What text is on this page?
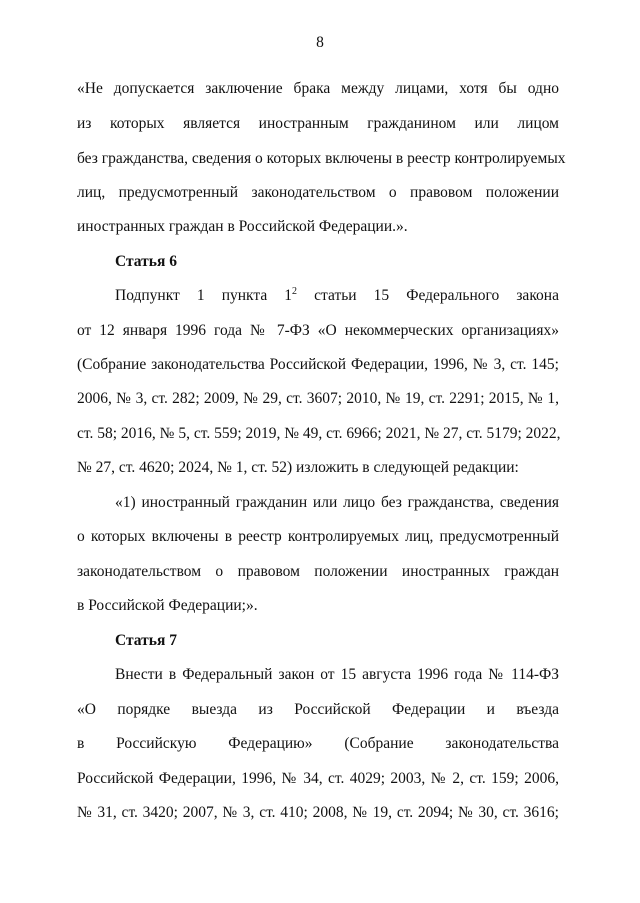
8
«Не допускается заключение брака между лицами, хотя бы одно
из которых является иностранным гражданином или лицом
без гражданства, сведения о которых включены в реестр контролируемых
лиц, предусмотренный законодательством о правовом положении
иностранных граждан в Российской Федерации.».
Статья 6
Подпункт 1 пункта $1^2$ статьи 15 Федерального закона
от 12 января 1996 года № 7-ФЗ «О некоммерческих организациях»
(Собрание законодательства Российской Федерации, 1996, № 3, ст. 145;
2006, № 3, ст. 282; 2009, № 29, ст. 3607; 2010, № 19, ст. 2291; 2015, № 1,
ст. 58; 2016, № 5, ст. 559; 2019, № 49, ст. 6966; 2021, № 27, ст. 5179; 2022,
№ 27, ст. 4620; 2024, № 1, ст. 52) изложить в следующей редакции:
«1) иностранный гражданин или лицо без гражданства, сведения
о которых включены в реестр контролируемых лиц, предусмотренный
законодательством о правовом положении иностранных граждан
в Российской Федерации;».
Статья 7
Внести в Федеральный закон от 15 августа 1996 года № 114-ФЗ
«О порядке выезда из Российской Федерации и въезда
в Российскую Федерацию» (Собрание законодательства
Российской Федерации, 1996, № 34, ст. 4029; 2003, № 2, ст. 159; 2006,
№ 31, ст. 3420; 2007, № 3, ст. 410; 2008, № 19, ст. 2094; № 30, ст. 3616;
